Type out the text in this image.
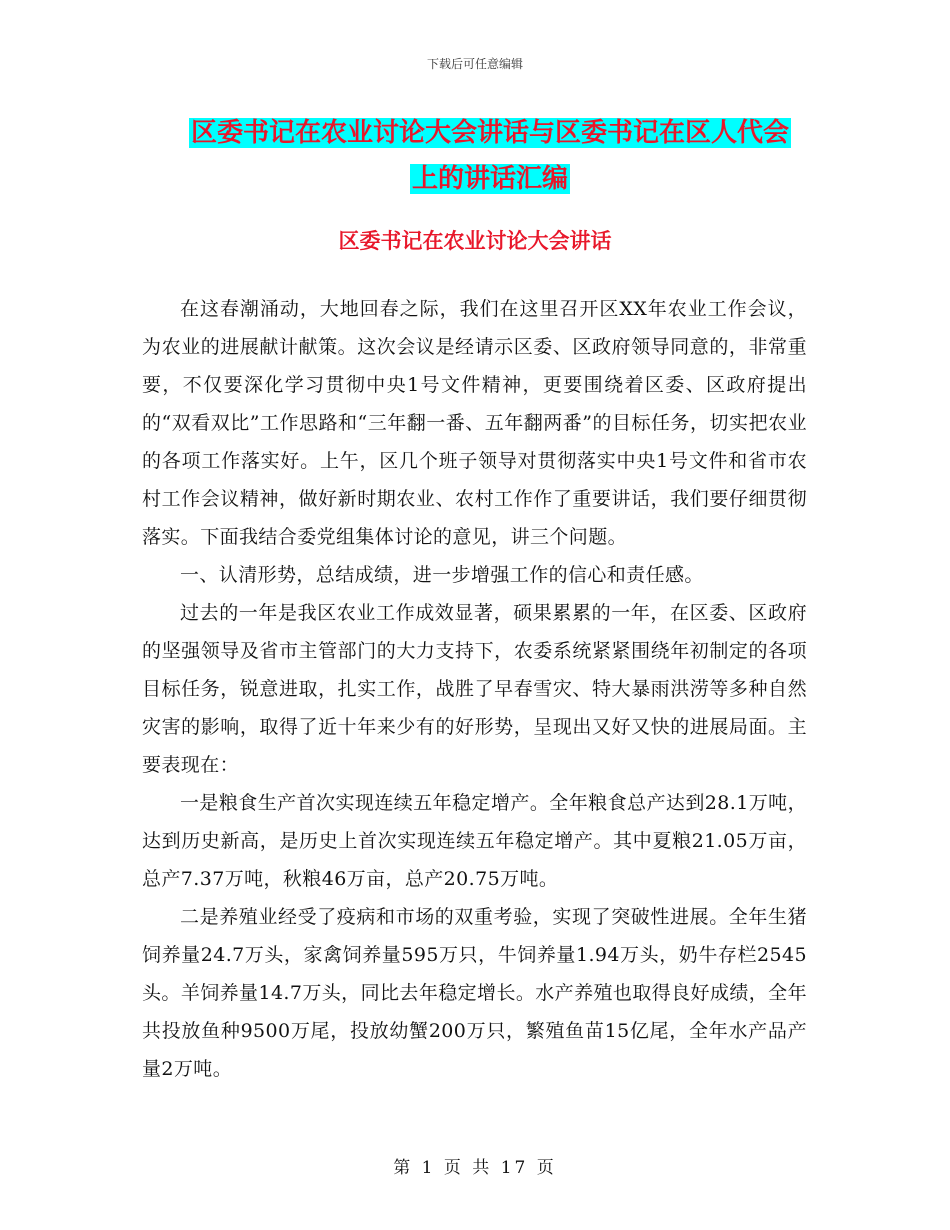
下载后可任意编辑
区委书记在农业讨论大会讲话与区委书记在区人代会
上的讲话汇编
区委书记在农业讨论大会讲话

在这春潮涌动，大地回春之际，我们在这里召开区XX年农业工作会议，为农业的进展献计献策。这次会议是经请示区委、区政府领导同意的，非常重要，不仅要深化学习贯彻中央1号文件精神，更要围绕着区委、区政府提出的“双看双比”工作思路和“三年翻一番、五年翻两番”的目标任务，切实把农业的各项工作落实好。上午，区几个班子领导对贯彻落实中央1号文件和省市农村工作会议精神，做好新时期农业、农村工作作了重要讲话，我们要仔细贯彻落实。下面我结合委党组集体讨论的意见，讲三个问题。

一、认清形势，总结成绩，进一步增强工作的信心和责任感。

过去的一年是我区农业工作成效显著，硕果累累的一年，在区委、区政府的坚强领导及省市主管部门的大力支持下，农委系统紧紧围绕年初制定的各项目标任务，锐意进取，扎实工作，战胜了早春雪灾、特大暴雨洪涝等多种自然灾害的影响，取得了近十年来少有的好形势，呈现出又好又快的进展局面。主要表现在：

一是粮食生产首次实现连续五年稳定增产。全年粮食总产达到28.1万吨，达到历史新高，是历史上首次实现连续五年稳定增产。其中夏粮21.05万亩，总产7.37万吨，秋粮46万亩，总产20.75万吨。

二是养殖业经受了疫病和市场的双重考验，实现了突破性进展。全年生猪饲养量24.7万头，家禽饲养量595万只，牛饲养量1.94万头，奶牛存栏2545头。羊饲养量14.7万头，同比去年稳定增长。水产养殖也取得良好成绩，全年共投放鱼种9500万尾，投放幼蟹200万只，繁殖鱼苗15亿尾，全年水产品产量2万吨。

第 1 页 共 17 页
